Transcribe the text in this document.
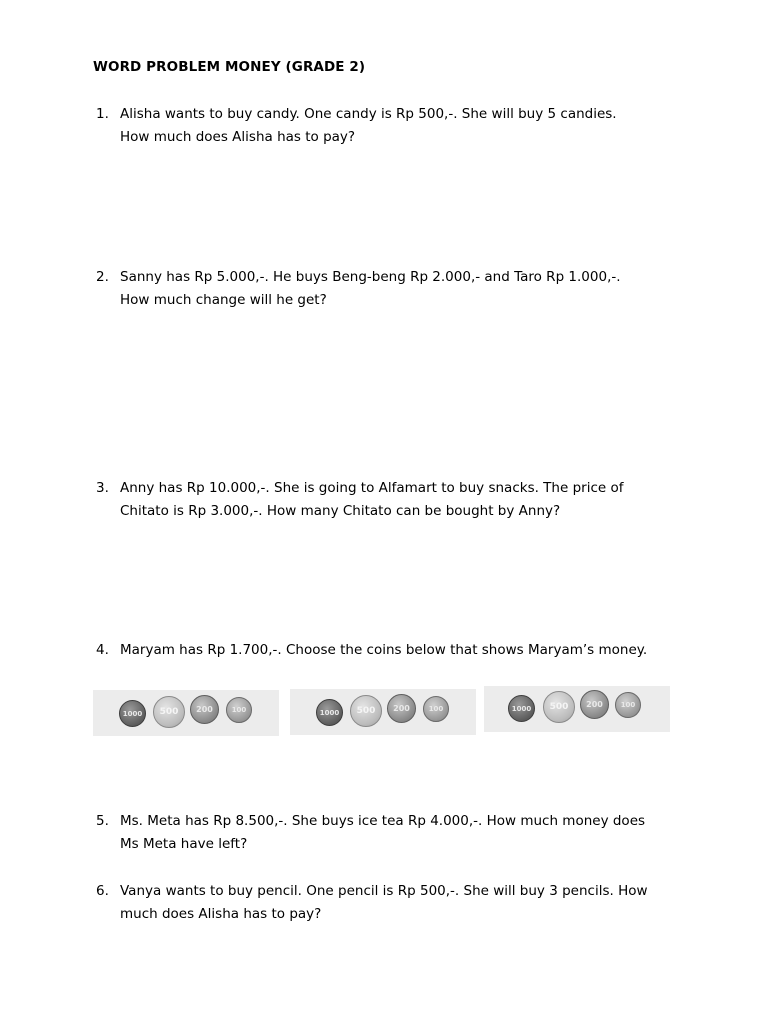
WORD PROBLEM MONEY (GRADE 2)
1. Alisha wants to buy candy. One candy is Rp 500,-. She will buy 5 candies.
How much does Alisha has to pay?
2. Sanny has Rp 5.000,-. He buys Beng-beng Rp 2.000,- and Taro Rp 1.000,-.
How much change will he get?
3. Anny has Rp 10.000,-. She is going to Alfamart to buy snacks. The price of
Chitato is Rp 3.000,-. How many Chitato can be bought by Anny?
4. Maryam has Rp 1.700,-. Choose the coins below that shows Maryam’s money.
1000	500	200	100	1000	500	200	100	1000	500	200	100
5. Ms. Meta has Rp 8.500,-. She buys ice tea Rp 4.000,-. How much money does
Ms Meta have left?
6. Vanya wants to buy pencil. One pencil is Rp 500,-. She will buy 3 pencils. How
much does Alisha has to pay?
